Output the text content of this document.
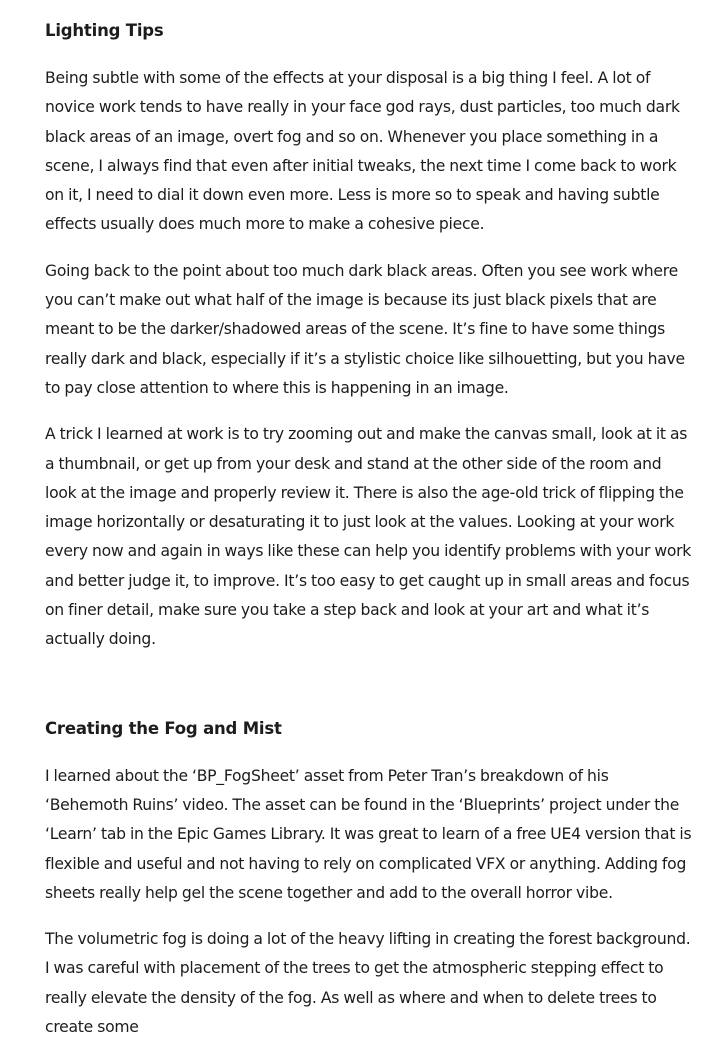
Lighting Tips

Being subtle with some of the effects at your disposal is a big thing I feel. A lot of novice work tends to have really in your face god rays, dust particles, too much dark black areas of an image, overt fog and so on. Whenever you place something in a scene, I always find that even after initial tweaks, the next time I come back to work on it, I need to dial it down even more. Less is more so to speak and having subtle effects usually does much more to make a cohesive piece.

Going back to the point about too much dark black areas. Often you see work where you can’t make out what half of the image is because its just black pixels that are meant to be the darker/shadowed areas of the scene. It’s fine to have some things really dark and black, especially if it’s a stylistic choice like silhouetting, but you have to pay close attention to where this is happening in an image.

A trick I learned at work is to try zooming out and make the canvas small, look at it as a thumbnail, or get up from your desk and stand at the other side of the room and look at the image and properly review it. There is also the age-old trick of flipping the image horizontally or desaturating it to just look at the values. Looking at your work every now and again in ways like these can help you identify problems with your work and better judge it, to improve. It’s too easy to get caught up in small areas and focus on finer detail, make sure you take a step back and look at your art and what it’s actually doing.

Creating the Fog and Mist

I learned about the ‘BP_FogSheet’ asset from Peter Tran’s breakdown of his ‘Behemoth Ruins’ video. The asset can be found in the ‘Blueprints’ project under the ‘Learn’ tab in the Epic Games Library. It was great to learn of a free UE4 version that is flexible and useful and not having to rely on complicated VFX or anything. Adding fog sheets really help gel the scene together and add to the overall horror vibe.

The volumetric fog is doing a lot of the heavy lifting in creating the forest background. I was careful with placement of the trees to get the atmospheric stepping effect to really elevate the density of the fog. As well as where and when to delete trees to create some
